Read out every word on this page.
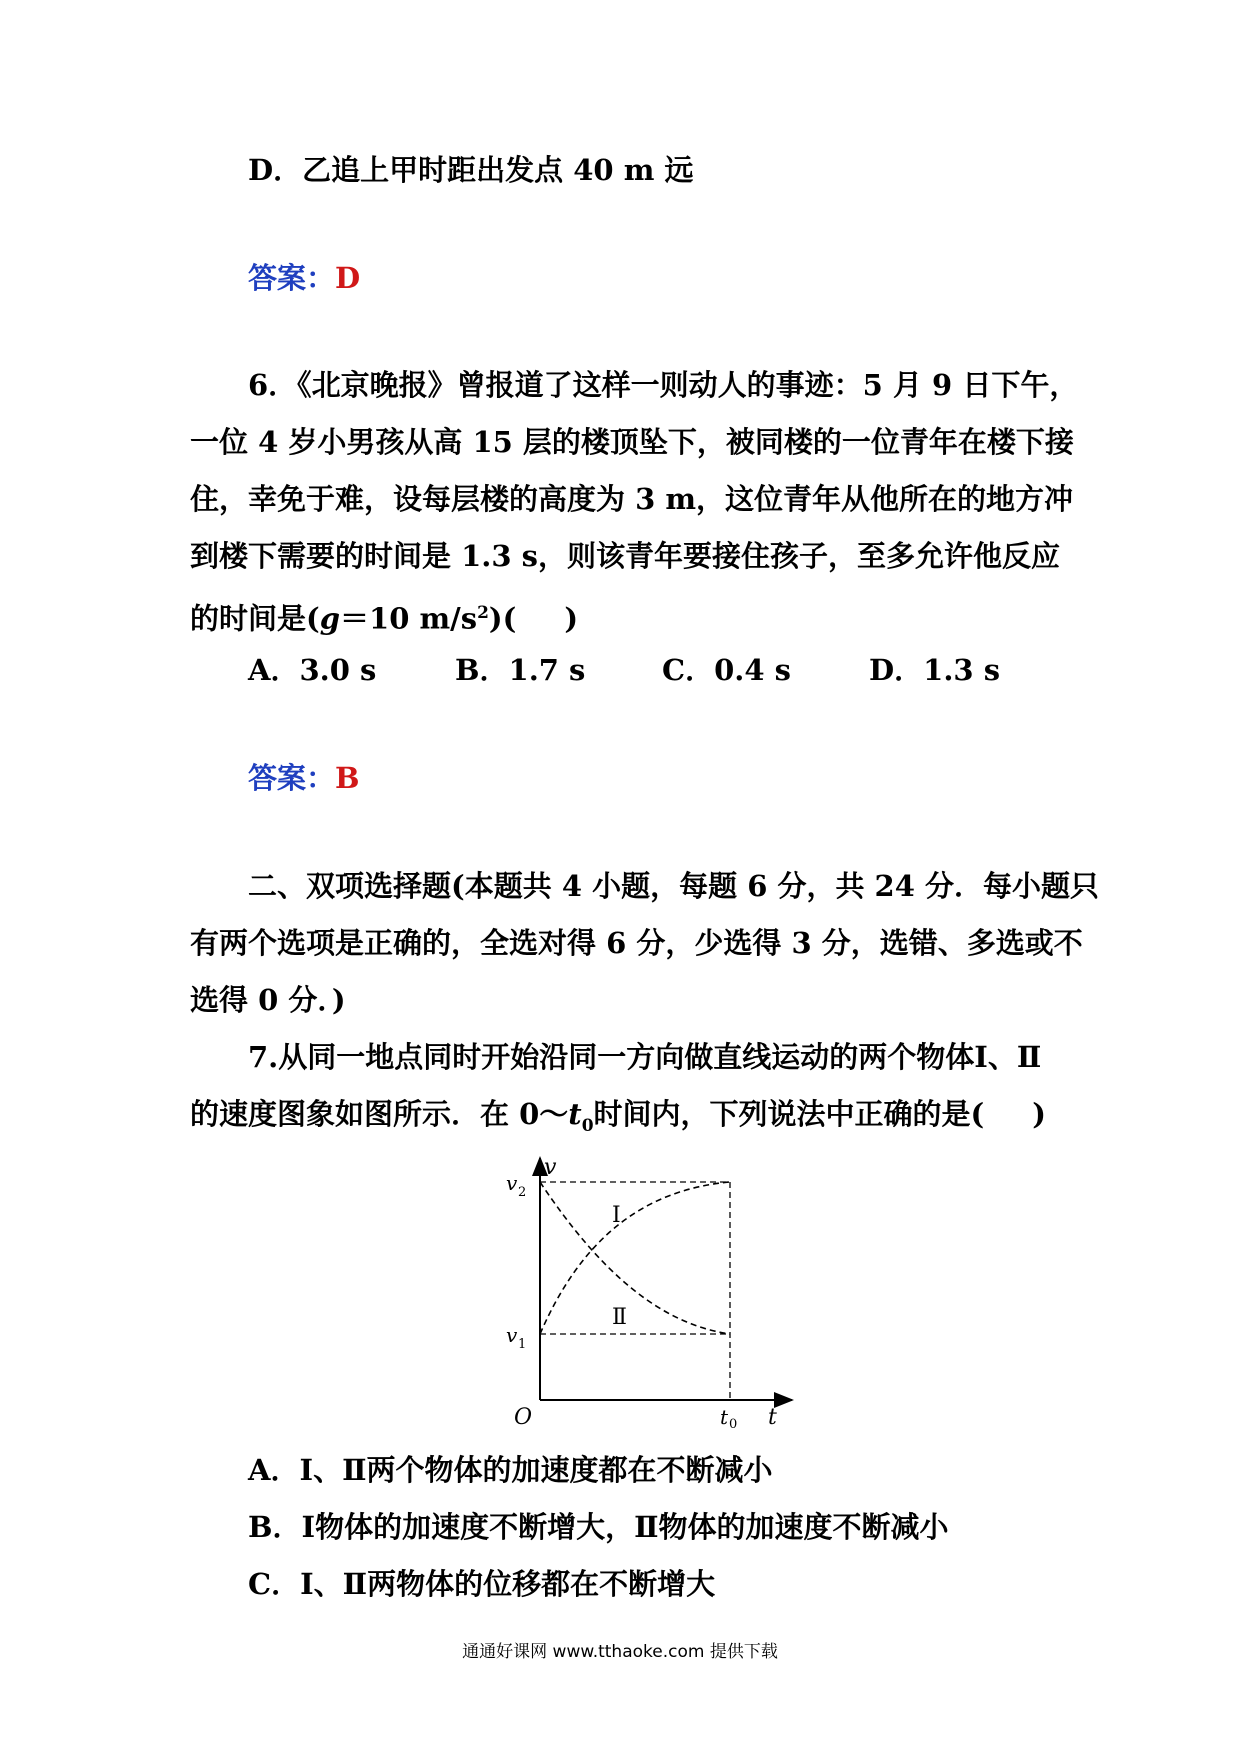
D．乙追上甲时距出发点 40 m 远
答案：D
6．《北京晚报》曾报道了这样一则动人的事迹：5 月 9 日下午，
一位 4 岁小男孩从高 15 层的楼顶坠下，被同楼的一位青年在楼下接
住，幸免于难，设每层楼的高度为 3 m，这位青年从他所在的地方冲
到楼下需要的时间是 1.3 s，则该青年要接住孩子，至多允许他反应
的时间是(g＝10 $m/s^2$)( )
A．3.0 s	B．1.7 s	C．0.4 s	D．1.3 s
答案：B
二、双项选择题(本题共 4 小题，每题 6 分，共 24 分．每小题只
有两个选项是正确的，全选对得 6 分，少选得 3 分，选错、多选或不
选得 0 分．)
7.从同一地点同时开始沿同一方向做直线运动的两个物体Ⅰ、Ⅱ
的速度图象如图所示．在 $0\sim t_0$时间内，下列说法中正确的是( )
v
t
O
v 2
v 1
t 0
Ⅰ
Ⅱ
A．Ⅰ、Ⅱ两个物体的加速度都在不断减小
B．Ⅰ物体的加速度不断增大，Ⅱ物体的加速度不断减小
C．Ⅰ、Ⅱ两物体的位移都在不断增大
通通好课网 www.tthaoke.com 提供下载
